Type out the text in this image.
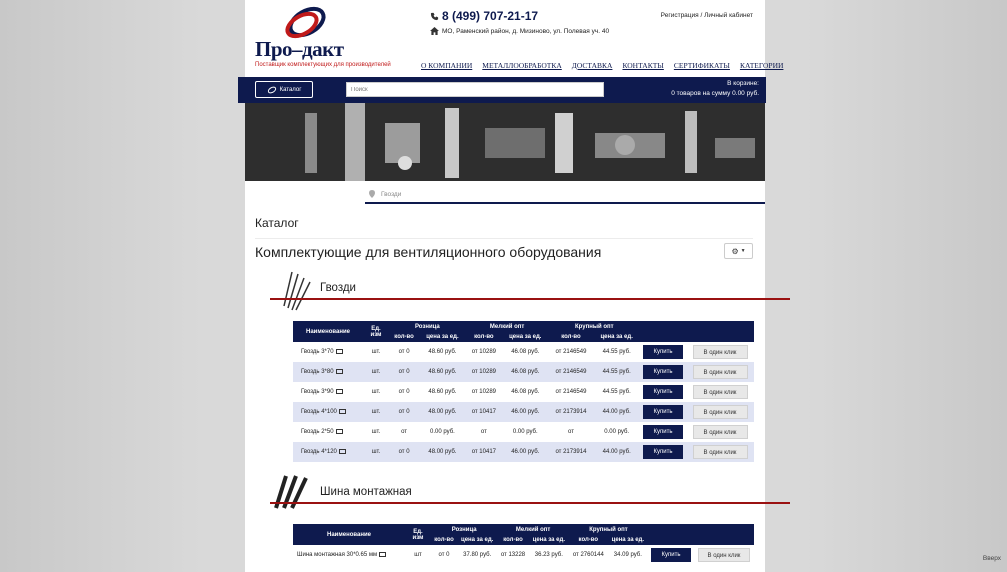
Про–дакт
Поставщик комплектующих для производителей
8 (499) 707-21-17
МО, Раменский район, д. Мизиново, ул. Полевая уч. 40
Регистрация / Личный кабинет
О КОМПАНИИ МЕТАЛЛООБРАБОТКА ДОСТАВКА КОНТАКТЫ СЕРТИФИКАТЫ КАТЕГОРИИ
Каталог
Поиск
В корзине:
0 товаров на сумму 0.00 руб.
Гвозди
Каталог
Комплектующие для вентиляционного оборудования	⚙ ▼
Гвозди
Наименование	Ед. изм	Розница		Мелкий опт		Крупный опт			
		кол-во	цена за ед.	кол-во	цена за ед.	кол-во	цена за ед.		
Гвоздь 3*70	шт.	от 0	48.60 руб.	от 10289	46.08 руб.	от 2146549	44.55 руб.	Купить	В один клик
Гвоздь 3*80	шт.	от 0	48.60 руб.	от 10289	46.08 руб.	от 2146549	44.55 руб.	Купить	В один клик
Гвоздь 3*90	шт.	от 0	48.60 руб.	от 10289	46.08 руб.	от 2146549	44.55 руб.	Купить	В один клик
Гвоздь 4*100	шт.	от 0	48.00 руб.	от 10417	46.00 руб.	от 2173914	44.00 руб.	Купить	В один клик
Гвоздь 2*50	шт.	от	0.00 руб.	от	0.00 руб.	от	0.00 руб.	Купить	В один клик
Гвоздь 4*120	шт.	от 0	48.00 руб.	от 10417	46.00 руб.	от 2173914	44.00 руб.	Купить	В один клик
Шина монтажная
Наименование	Ед. изм	Розница		Мелкий опт		Крупный опт			
		кол-во	цена за ед.	кол-во	цена за ед.	кол-во	цена за ед.		
Шина монтажная 30*0.65 мм	шт	от 0	37.80 руб.	от 13228	36.23 руб.	от 2760144	34.09 руб.	Купить	В один клик	Вверх
